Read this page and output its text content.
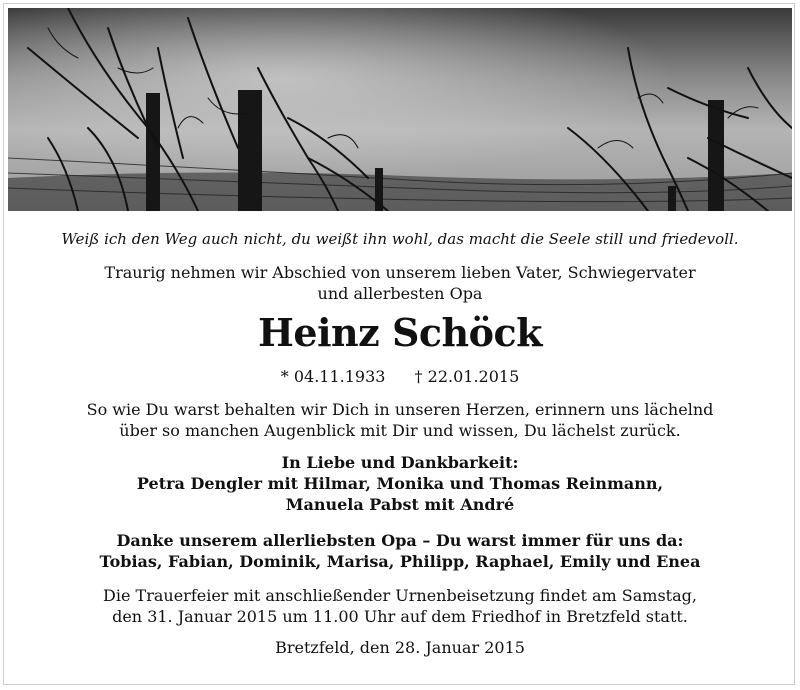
Weiß ich den Weg auch nicht, du weißt ihn wohl, das macht die Seele still und friedevoll.
Traurig nehmen wir Abschied von unserem lieben Vater, Schwiegervater
und allerbesten Opa
Heinz Schöck
* 04.11.1933 † 22.01.2015
So wie Du warst behalten wir Dich in unseren Herzen, erinnern uns lächelnd
über so manchen Augenblick mit Dir und wissen, Du lächelst zurück.
In Liebe und Dankbarkeit:
Petra Dengler mit Hilmar, Monika und Thomas Reinmann,
Manuela Pabst mit André
Danke unserem allerliebsten Opa – Du warst immer für uns da:
Tobias, Fabian, Dominik, Marisa, Philipp, Raphael, Emily und Enea
Die Trauerfeier mit anschließender Urnenbeisetzung findet am Samstag,
den 31. Januar 2015 um 11.00 Uhr auf dem Friedhof in Bretzfeld statt.
Bretzfeld, den 28. Januar 2015
